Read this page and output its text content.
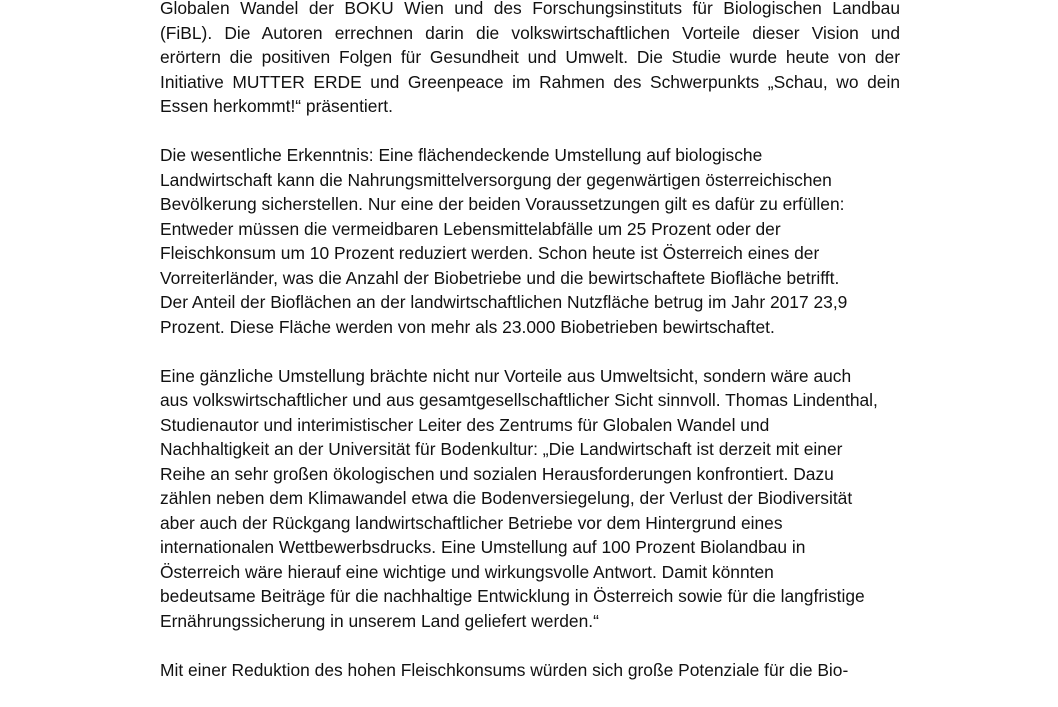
Globalen Wandel der BOKU Wien und des Forschungsinstituts für Biologischen Landbau
(FiBL). Die Autoren errechnen darin die volkswirtschaftlichen Vorteile dieser Vision und
erörtern die positiven Folgen für Gesundheit und Umwelt. Die Studie wurde heute von der
Initiative MUTTER ERDE und Greenpeace im Rahmen des Schwerpunkts „Schau, wo dein
Essen herkommt!“ präsentiert.

Die wesentliche Erkenntnis: Eine flächendeckende Umstellung auf biologische
Landwirtschaft kann die Nahrungsmittelversorgung der gegenwärtigen österreichischen
Bevölkerung sicherstellen. Nur eine der beiden Voraussetzungen gilt es dafür zu erfüllen:
Entweder müssen die vermeidbaren Lebensmittelabfälle um 25 Prozent oder der
Fleischkonsum um 10 Prozent reduziert werden. Schon heute ist Österreich eines der
Vorreiterländer, was die Anzahl der Biobetriebe und die bewirtschaftete Biofläche betrifft.
Der Anteil der Bioflächen an der landwirtschaftlichen Nutzfläche betrug im Jahr 2017 23,9
Prozent. Diese Fläche werden von mehr als 23.000 Biobetrieben bewirtschaftet.

Eine gänzliche Umstellung brächte nicht nur Vorteile aus Umweltsicht, sondern wäre auch
aus volkswirtschaftlicher und aus gesamtgesellschaftlicher Sicht sinnvoll. Thomas Lindenthal,
Studienautor und interimistischer Leiter des Zentrums für Globalen Wandel und
Nachhaltigkeit an der Universität für Bodenkultur: „Die Landwirtschaft ist derzeit mit einer
Reihe an sehr großen ökologischen und sozialen Herausforderungen konfrontiert. Dazu
zählen neben dem Klimawandel etwa die Bodenversiegelung, der Verlust der Biodiversität
aber auch der Rückgang landwirtschaftlicher Betriebe vor dem Hintergrund eines
internationalen Wettbewerbsdrucks. Eine Umstellung auf 100 Prozent Biolandbau in
Österreich wäre hierauf eine wichtige und wirkungsvolle Antwort. Damit könnten
bedeutsame Beiträge für die nachhaltige Entwicklung in Österreich sowie für die langfristige
Ernährungssicherung in unserem Land geliefert werden.“

Mit einer Reduktion des hohen Fleischkonsums würden sich große Potenziale für die Bio-
